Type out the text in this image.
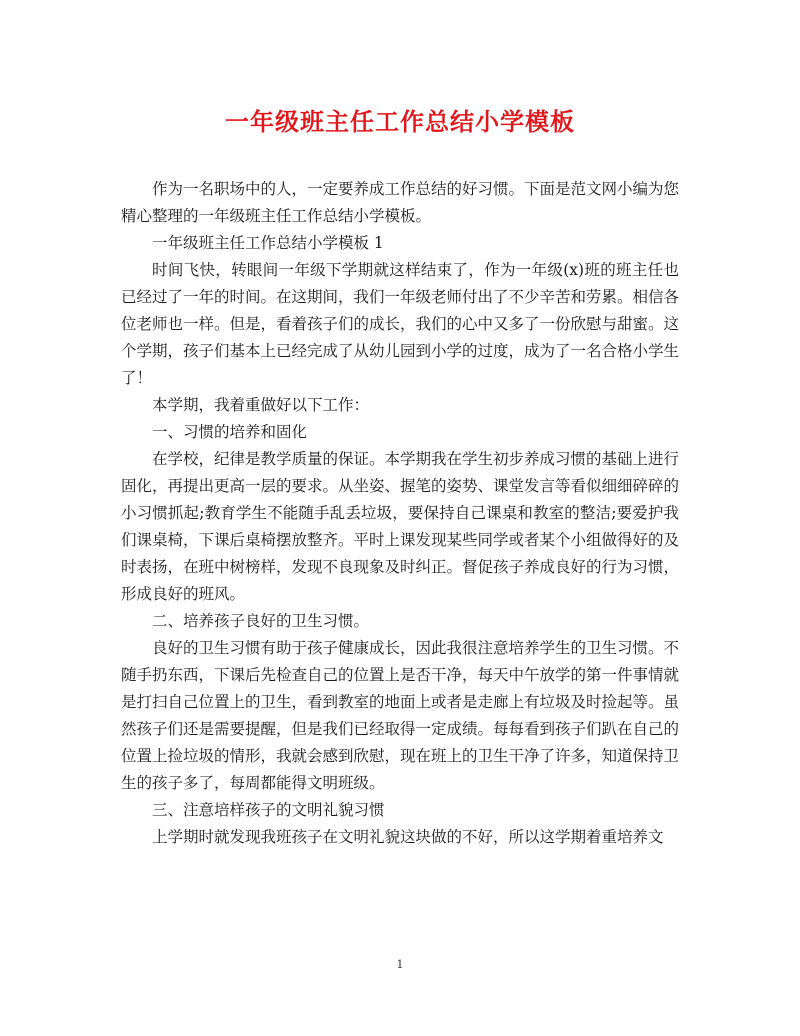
一年级班主任工作总结小学模板

作为一名职场中的人，一定要养成工作总结的好习惯。下面是范文网小编为您精心整理的一年级班主任工作总结小学模板。

一年级班主任工作总结小学模板 1

时间飞快，转眼间一年级下学期就这样结束了，作为一年级(x)班的班主任也已经过了一年的时间。在这期间，我们一年级老师付出了不少辛苦和劳累。相信各位老师也一样。但是，看着孩子们的成长，我们的心中又多了一份欣慰与甜蜜。这个学期，孩子们基本上已经完成了从幼儿园到小学的过度，成为了一名合格小学生了！

本学期，我着重做好以下工作：

一、习惯的培养和固化

在学校，纪律是教学质量的保证。本学期我在学生初步养成习惯的基础上进行固化，再提出更高一层的要求。从坐姿、握笔的姿势、课堂发言等看似细细碎碎的小习惯抓起;教育学生不能随手乱丢垃圾，要保持自己课桌和教室的整洁;要爱护我们课桌椅，下课后桌椅摆放整齐。平时上课发现某些同学或者某个小组做得好的及时表扬，在班中树榜样，发现不良现象及时纠正。督促孩子养成良好的行为习惯，形成良好的班风。

二、培养孩子良好的卫生习惯。

良好的卫生习惯有助于孩子健康成长，因此我很注意培养学生的卫生习惯。不随手扔东西，下课后先检查自己的位置上是否干净，每天中午放学的第一件事情就是打扫自己位置上的卫生，看到教室的地面上或者是走廊上有垃圾及时捡起等。虽然孩子们还是需要提醒，但是我们已经取得一定成绩。每每看到孩子们趴在自己的位置上捡垃圾的情形，我就会感到欣慰，现在班上的卫生干净了许多，知道保持卫生的孩子多了，每周都能得文明班级。

三、注意培样孩子的文明礼貌习惯

上学期时就发现我班孩子在文明礼貌这块做的不好，所以这学期着重培养文

1
